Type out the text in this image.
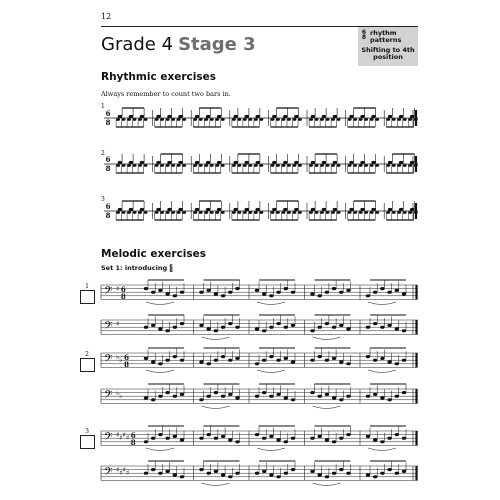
12
Grade 4 Stage 3
6
8
rhythm
patterns
Shifting to 4th
position
Rhythmic exercises
Always remember to count two bars in.
1
2
3
Melodic exercises
Set 1: introducing 6
8
1
2
3
6
8
6
8
6
8
𝄢 ♯ 6
8
𝄢 ♯
𝄢 ♭ ♭ 6
8
𝄢 ♭ ♭
𝄢 ♯ ♯ ♯ ♯ 6
8
𝄢 ♯ ♯ ♯ ♯
